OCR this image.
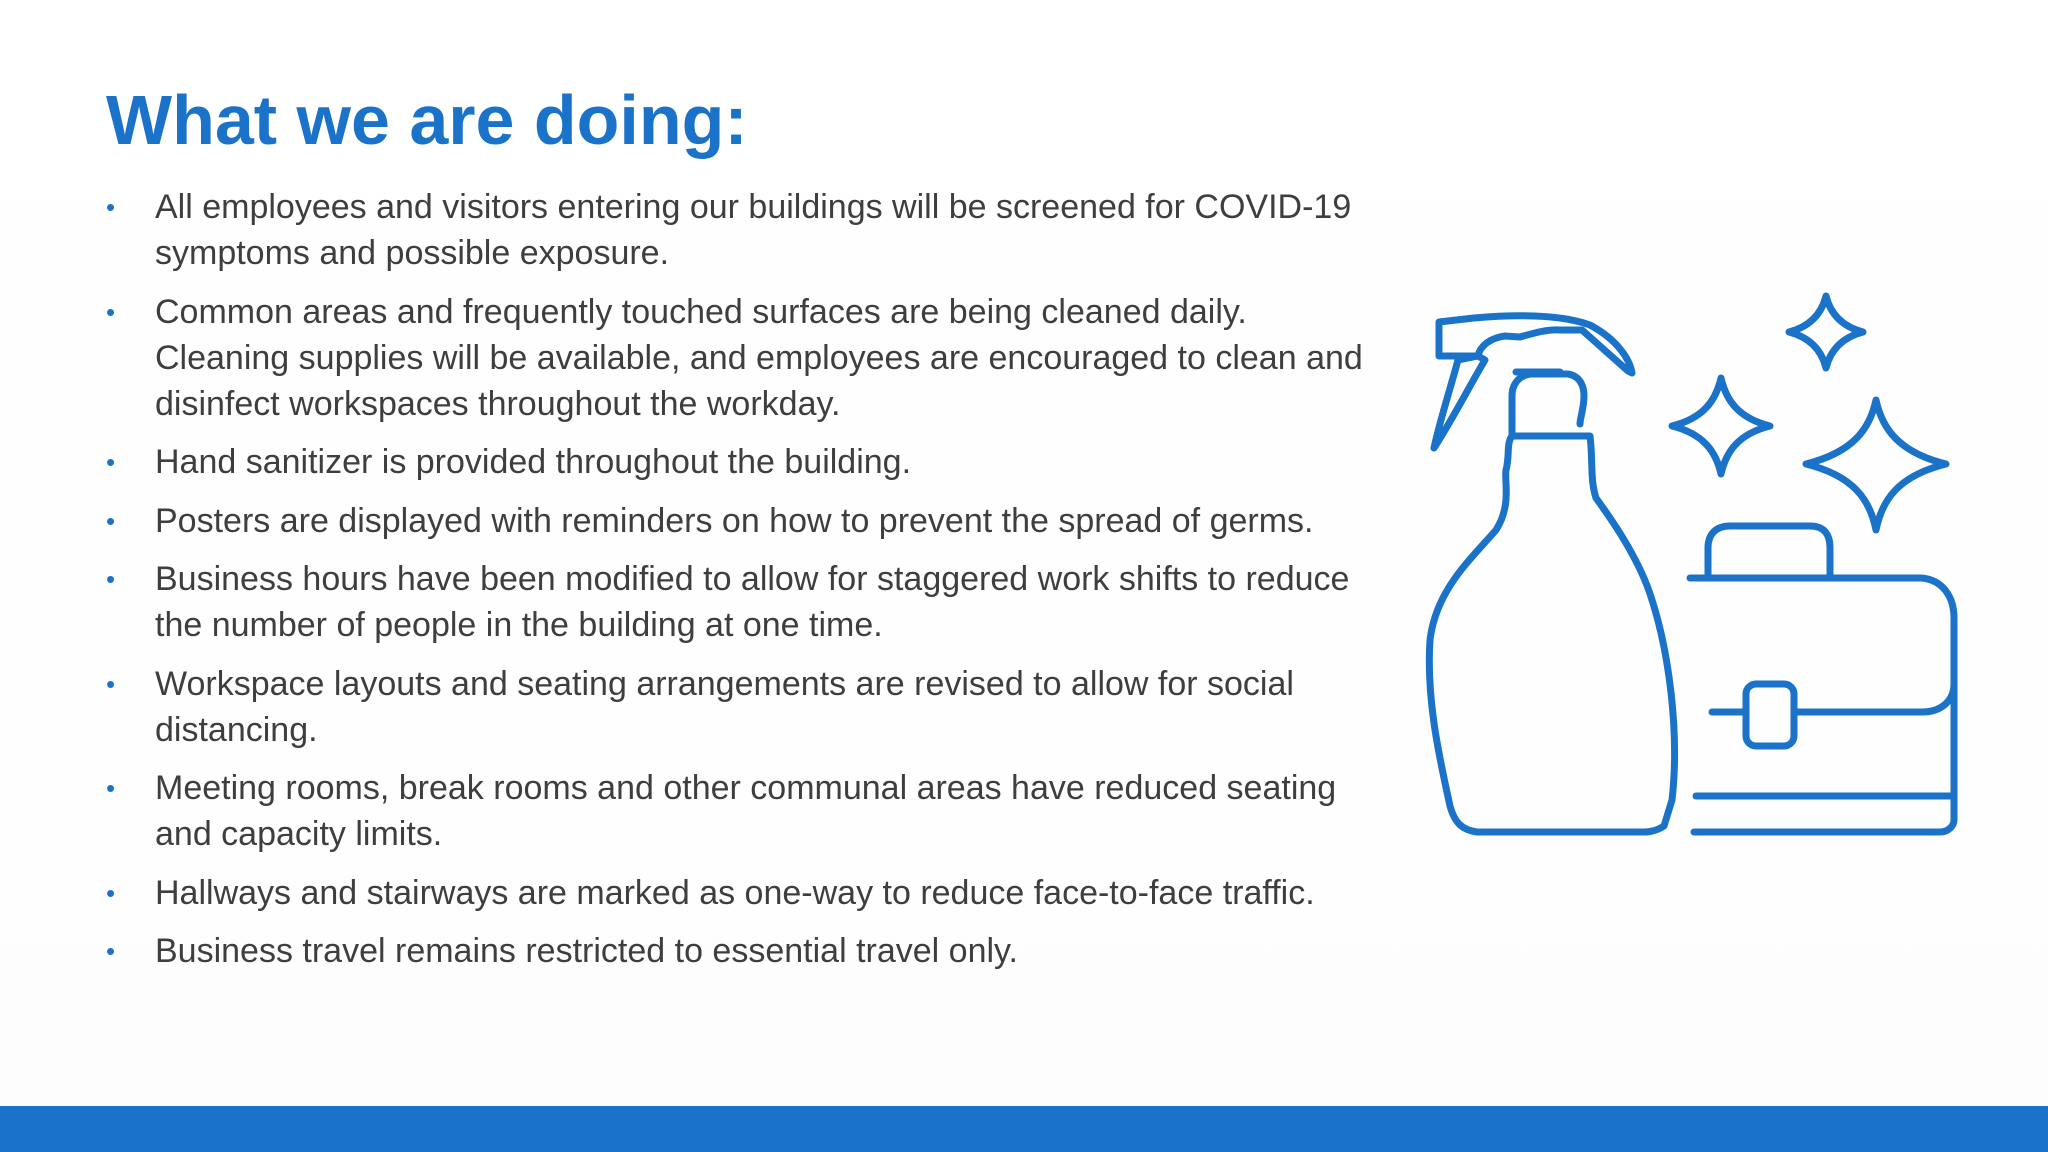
What we are doing:
•	All employees and visitors entering our buildings will be screened for COVID-19 symptoms and possible exposure.
•	Common areas and frequently touched surfaces are being cleaned daily. Cleaning supplies will be available, and employees are encouraged to clean and disinfect workspaces throughout the workday.
•	Hand sanitizer is provided throughout the building.
•	Posters are displayed with reminders on how to prevent the spread of germs.
•	Business hours have been modified to allow for staggered work shifts to reduce the number of people in the building at one time.
•	Workspace layouts and seating arrangements are revised to allow for social distancing.
•	Meeting rooms, break rooms and other communal areas have reduced seating and capacity limits.
•	Hallways and stairways are marked as one-way to reduce face-to-face traffic.
•	Business travel remains restricted to essential travel only.
